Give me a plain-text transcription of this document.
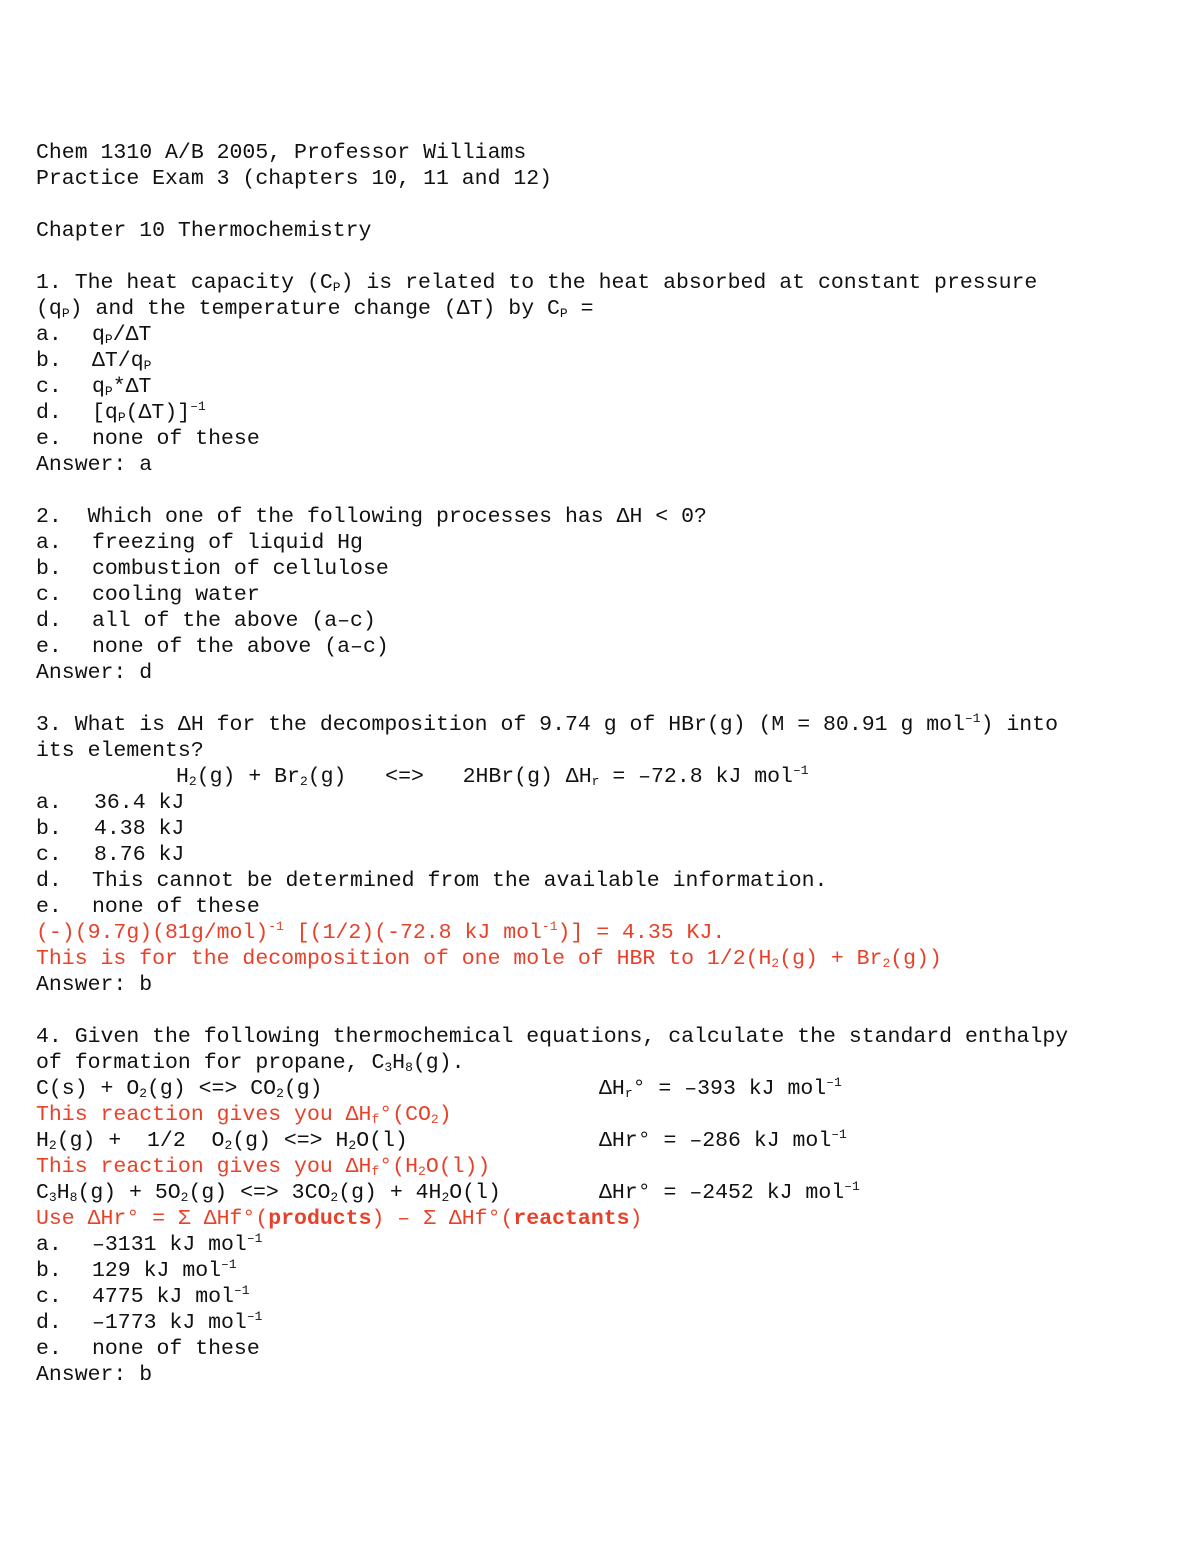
Chem 1310 A/B 2005, Professor Williams
Practice Exam 3 (chapters 10, 11 and 12)
Chapter 10 Thermochemistry
1. The heat capacity $(C_P)$ is related to the heat absorbed at constant pressure
$(q_P)$ and the temperature change (ΔT) by $C_P$ =
a. $q_P/\Delta T$
b. $\Delta T/q_P$
c. $q_P*\Delta T$
d. $[q_P(\Delta T)]^{-1}$
e. none of these
Answer: a
2.  Which one of the following processes has ΔH < 0?
a. freezing of liquid Hg
b. combustion of cellulose
c. cooling water
d. all of the above (a–c)
e. none of the above (a–c)
Answer: d
3. What is ΔH for the decomposition of 9.74 g of HBr(g) (M = 80.91 g mol$^{-1}$) into
its elements?
$H_2(g) + Br_2(g)$   <=>   2HBr(g) $\Delta H_r = -72.8$ kJ mol$^{-1}$
a. 36.4 kJ
b. 4.38 kJ
c. 8.76 kJ
d. This cannot be determined from the available information.
e. none of these
$(-)(9.7g)(81g/mol)^{-1}$ [(1/2)(-72.8 kJ mol$^{-1}$)] = 4.35 KJ.
This is for the decomposition of one mole of HBR to $1/2(H_2(g) + Br_2(g))$
Answer: b
4. Given the following thermochemical equations, calculate the standard enthalpy
of formation for propane, $C_3H_8(g)$.
$C(s) + O_2(g)$ <=> $CO_2(g)$	$\Delta H_r^\circ = -393$ kJ mol$^{-1}$
This reaction gives you $\Delta H_f^\circ(CO_2)$
$H_2(g) + 1/2$  $O_2(g)$ <=> $H_2O(l)$	ΔHr° = –286 kJ mol$^{-1}$
This reaction gives you $\Delta H_f^\circ(H_2O(l))$
$C_3H_8(g) + 5O_2(g)$ <=> $3CO_2(g) + 4H_2O(l)$	ΔHr° = –2452 kJ mol$^{-1}$
Use ΔHr° = Σ ΔHf°(products) – Σ ΔHf°(reactants)
a. –3131 kJ mol$^{-1}$
b. 129 kJ mol$^{-1}$
c. 4775 kJ mol$^{-1}$
d. –1773 kJ mol$^{-1}$
e. none of these
Answer: b
